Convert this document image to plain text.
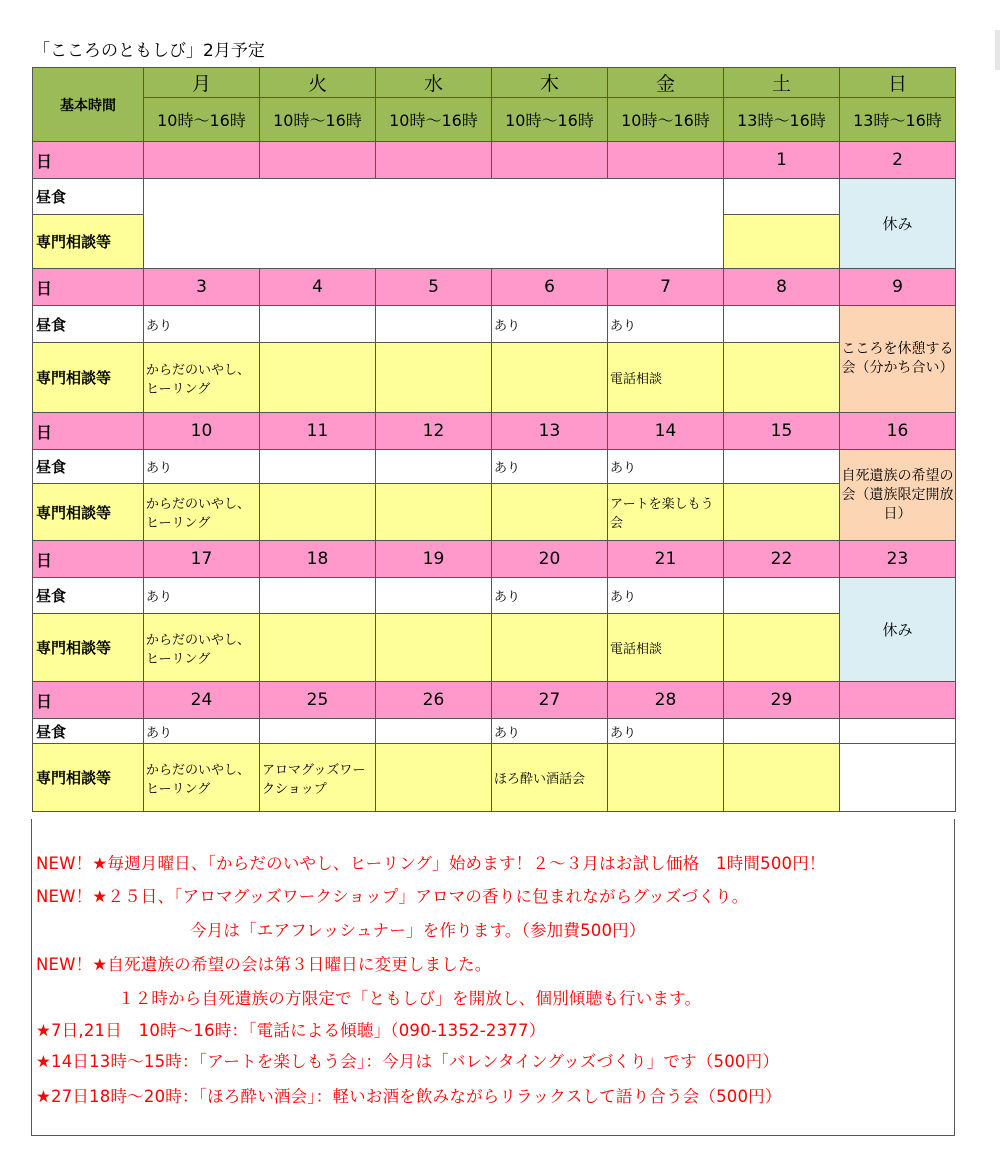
「こころのともしび」2月予定
基本時間	月	火	水	木	金	土	日
	10時～16時	10時～16時	10時～16時	10時～16時	10時～16時	13時～16時	13時～16時
日						1	2
昼食							休み
専門相談等							
日	3	4	5	6	7	8	9
昼食	あり			あり	あり		こころを休憩する会（分かち合い）
専門相談等	からだのいやし、ヒーリング				電話相談		
日	10	11	12	13	14	15	16
昼食	あり			あり	あり		自死遺族の希望の会（遺族限定開放日）
専門相談等	からだのいやし、ヒーリング				アートを楽しもう会		
日	17	18	19	20	21	22	23
昼食	あり			あり	あり		休み
専門相談等	からだのいやし、ヒーリング				電話相談		
日	24	25	26	27	28	29	
昼食	あり			あり	あり		
専門相談等	からだのいやし、ヒーリング	アロマグッズワークショップ		ほろ酔い酒話会			
NEW！★毎週月曜日、「からだのいやし、ヒーリング」始めます！２～３月はお試し価格　1時間500円！
NEW！★２５日、「アロマグッズワークショップ」アロマの香りに包まれながらグッズづくり。
今月は「エアフレッシュナー」を作ります。（参加費500円）
NEW！★自死遺族の希望の会は第３日曜日に変更しました。
１２時から自死遺族の方限定で「ともしび」を開放し、個別傾聴も行います。
★7日,21日　10時～16時：「電話による傾聴」（090-1352-2377）
★14日13時～15時：「アートを楽しもう会」：今月は「バレンタイングッズづくり」です（500円）
★27日18時～20時：「ほろ酔い酒会」：軽いお酒を飲みながらリラックスして語り合う会（500円）
